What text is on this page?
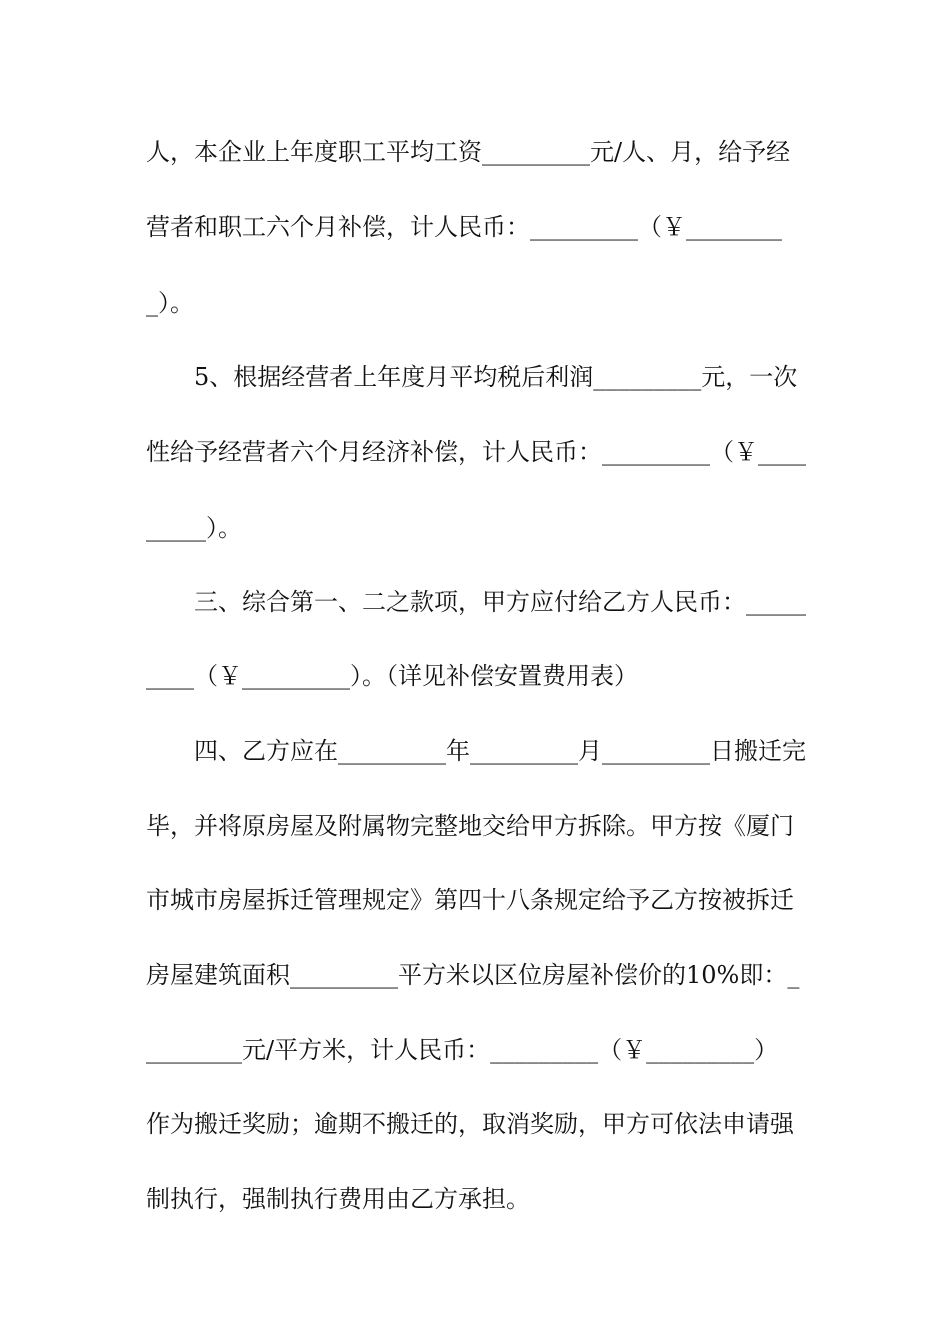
人，本企业上年度职工平均工资_________元/人、月，给予经
营者和职工六个月补偿，计人民币：_________（￥________
_）。
5、根据经营者上年度月平均税后利润_________元，一次
性给予经营者六个月经济补偿，计人民币：_________（￥____
_____）。
三、综合第一、二之款项，甲方应付给乙方人民币：_____
____（￥_________）。（详见补偿安置费用表）
四、乙方应在_________年_________月_________日搬迁完
毕，并将原房屋及附属物完整地交给甲方拆除。甲方按《厦门
市城市房屋拆迁管理规定》第四十八条规定给予乙方按被拆迁
房屋建筑面积_________平方米以区位房屋补偿价的10%即：_
________元/平方米，计人民币：_________（￥_________）
作为搬迁奖励；逾期不搬迁的，取消奖励，甲方可依法申请强
制执行，强制执行费用由乙方承担。
